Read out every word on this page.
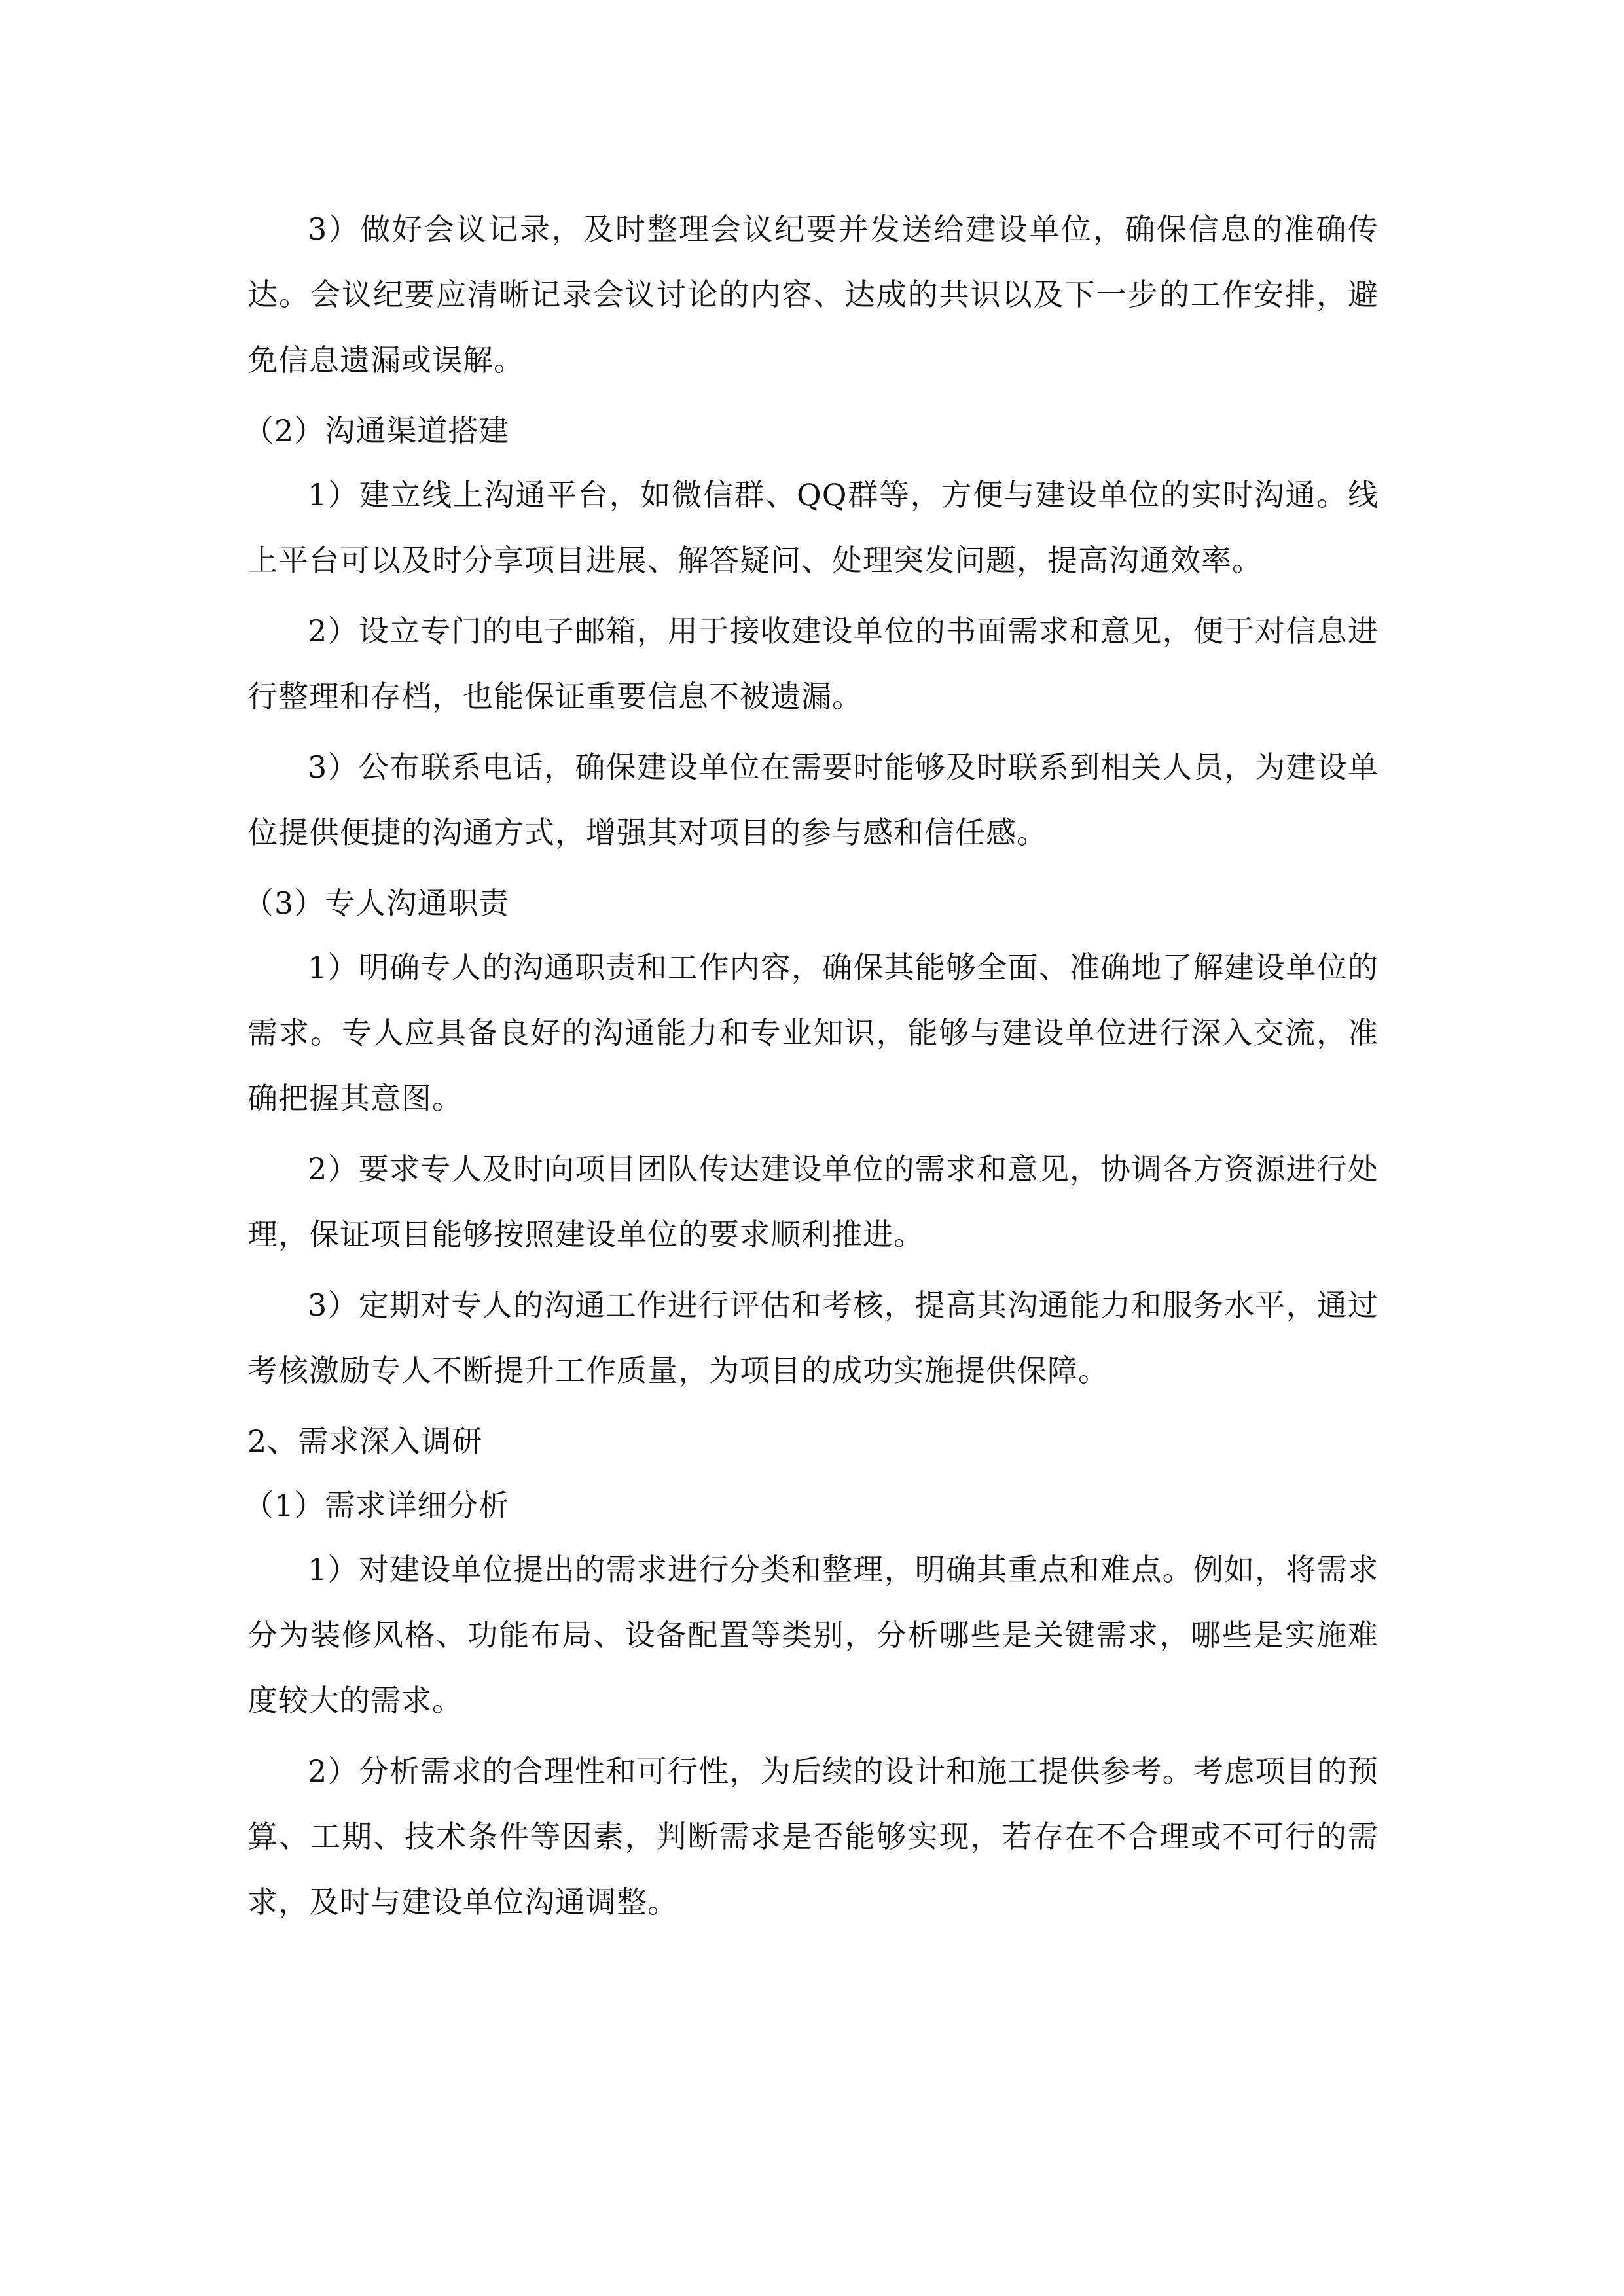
3）做好会议记录，及时整理会议纪要并发送给建设单位，确保信息的准确传达。会议纪要应清晰记录会议讨论的内容、达成的共识以及下一步的工作安排，避免信息遗漏或误解。

（2）沟通渠道搭建

1）建立线上沟通平台，如微信群、QQ群等，方便与建设单位的实时沟通。线上平台可以及时分享项目进展、解答疑问、处理突发问题，提高沟通效率。

2）设立专门的电子邮箱，用于接收建设单位的书面需求和意见，便于对信息进行整理和存档，也能保证重要信息不被遗漏。

3）公布联系电话，确保建设单位在需要时能够及时联系到相关人员，为建设单位提供便捷的沟通方式，增强其对项目的参与感和信任感。

（3）专人沟通职责

1）明确专人的沟通职责和工作内容，确保其能够全面、准确地了解建设单位的需求。专人应具备良好的沟通能力和专业知识，能够与建设单位进行深入交流，准确把握其意图。

2）要求专人及时向项目团队传达建设单位的需求和意见，协调各方资源进行处理，保证项目能够按照建设单位的要求顺利推进。

3）定期对专人的沟通工作进行评估和考核，提高其沟通能力和服务水平，通过考核激励专人不断提升工作质量，为项目的成功实施提供保障。

2、需求深入调研

（1）需求详细分析

1）对建设单位提出的需求进行分类和整理，明确其重点和难点。例如，将需求分为装修风格、功能布局、设备配置等类别，分析哪些是关键需求，哪些是实施难度较大的需求。

2）分析需求的合理性和可行性，为后续的设计和施工提供参考。考虑项目的预算、工期、技术条件等因素，判断需求是否能够实现，若存在不合理或不可行的需求，及时与建设单位沟通调整。
